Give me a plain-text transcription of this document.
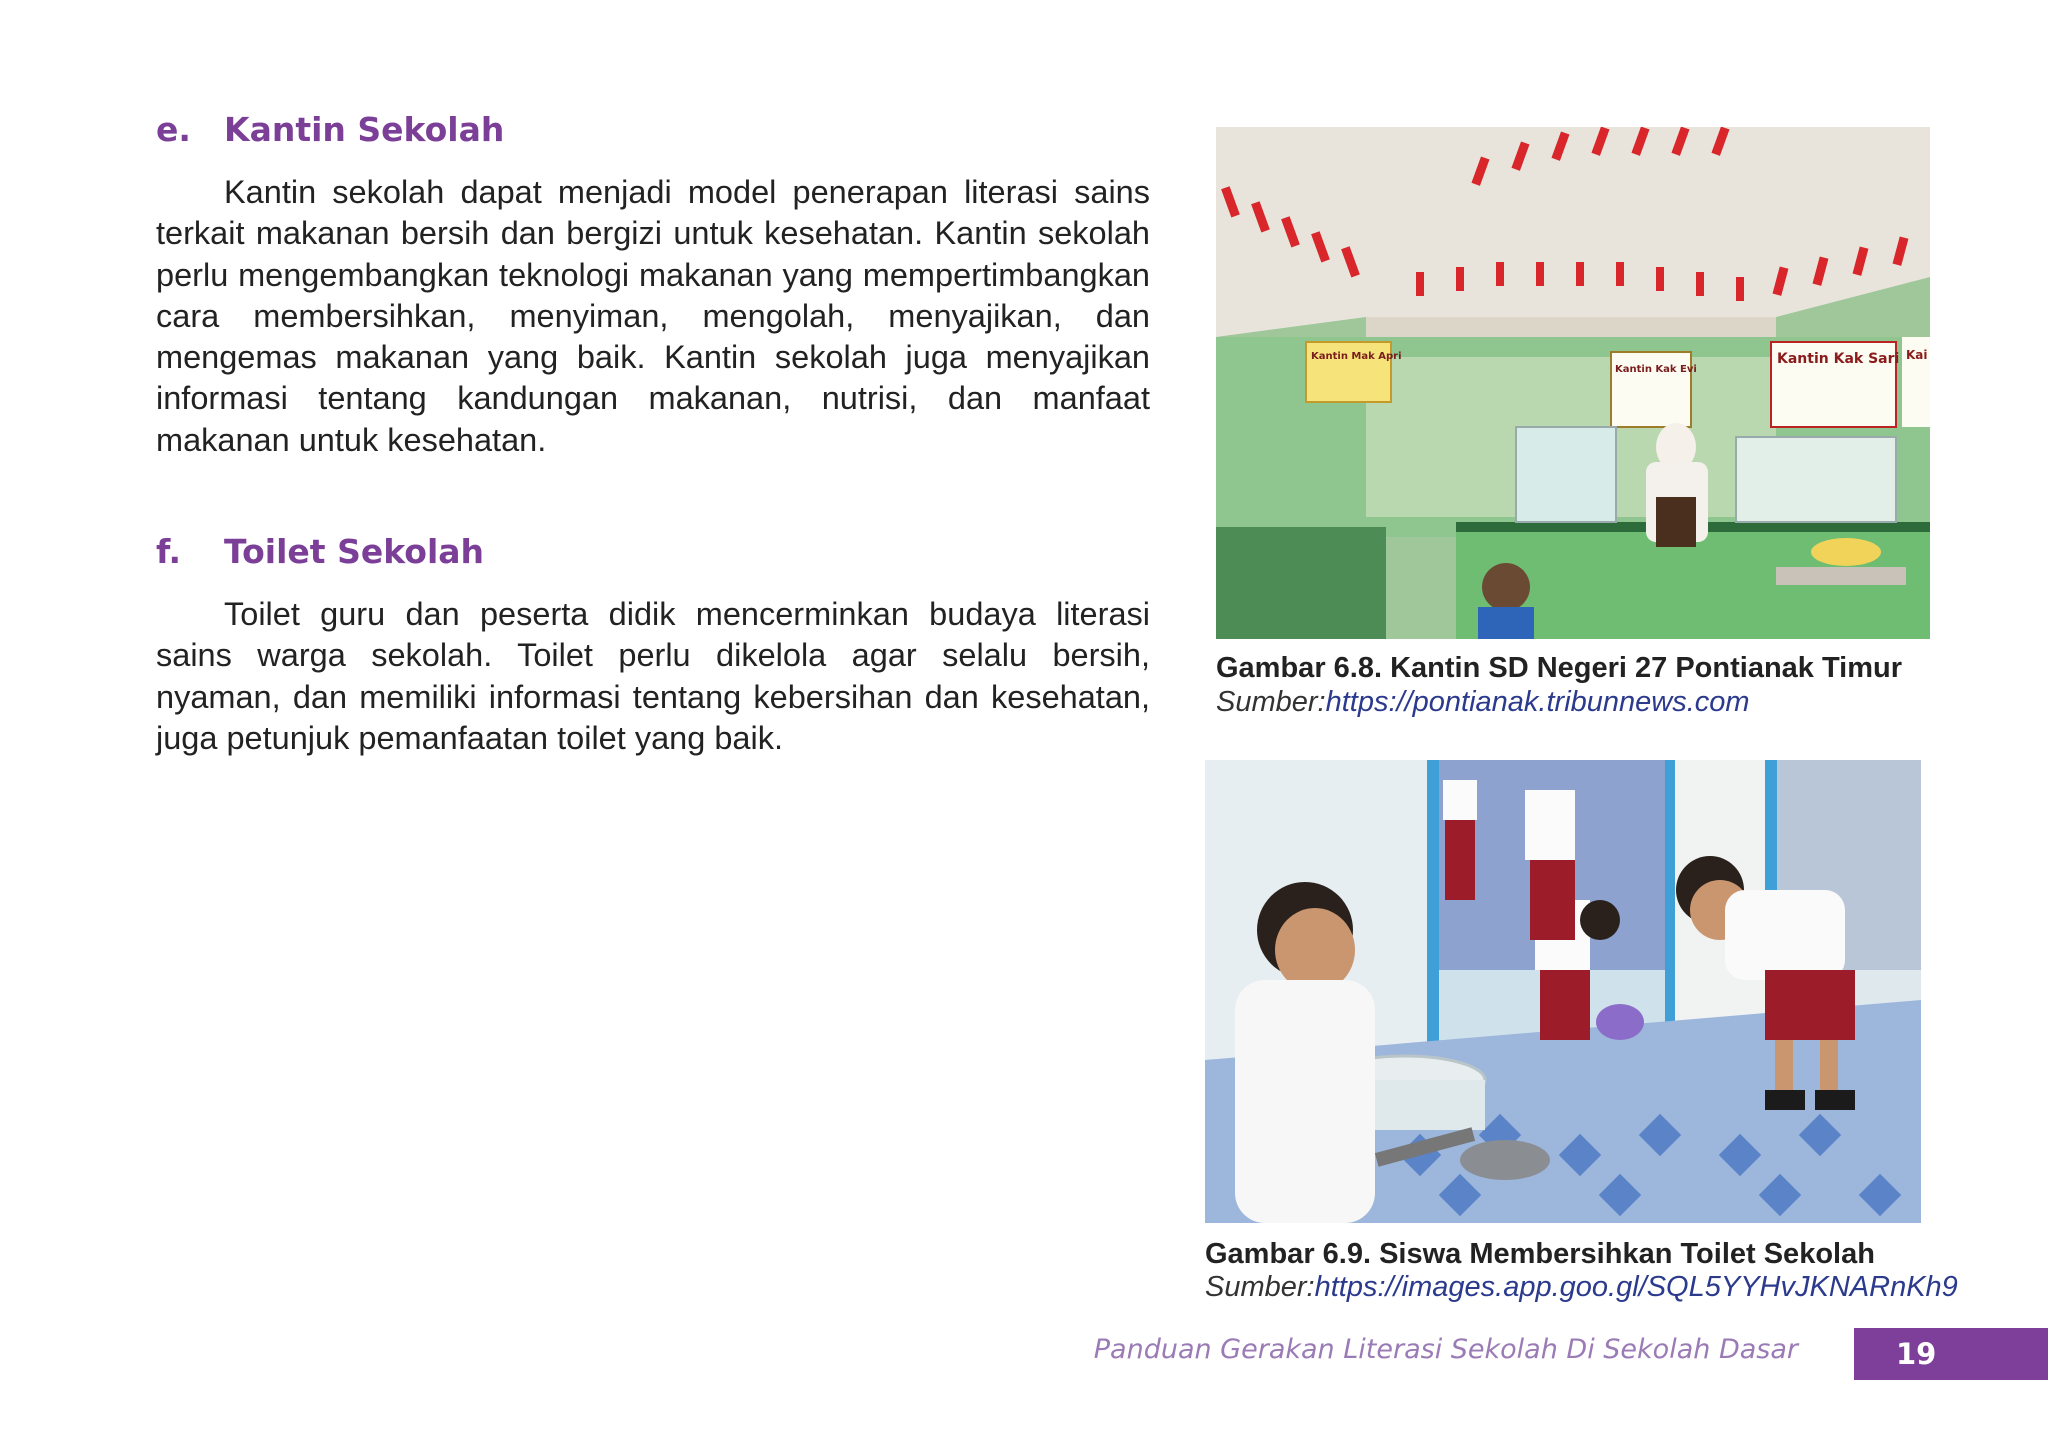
e. Kantin Sekolah

Kantin sekolah dapat menjadi model penerapan literasi sains terkait makanan bersih dan bergizi untuk kesehatan. Kantin sekolah perlu mengembangkan teknologi makanan yang mempertimbangkan cara membersihkan, menyiman, mengolah, menyajikan, dan mengemas makanan yang baik. Kantin sekolah juga menyajikan informasi tentang kandungan makanan, nutrisi, dan manfaat makanan untuk kesehatan.

f. Toilet Sekolah

Toilet guru dan peserta didik mencerminkan budaya literasi sains warga sekolah. Toilet perlu dikelola agar selalu bersih, nyaman, dan memiliki informasi tentang kebersihan dan kesehatan, juga petunjuk pemanfaatan toilet yang baik.

Kantin Mak Apri
Kantin Kak Evi
Kantin Kak Sari Kai

Gambar 6.8. Kantin SD Negeri 27 Pontianak Timur

Sumber:https://pontianak.tribunnews.com

Gambar 6.9. Siswa Membersihkan Toilet Sekolah

Sumber:https://images.app.goo.gl/SQL5YYHvJKNARnKh9

Panduan Gerakan Literasi Sekolah Di Sekolah Dasar	19
